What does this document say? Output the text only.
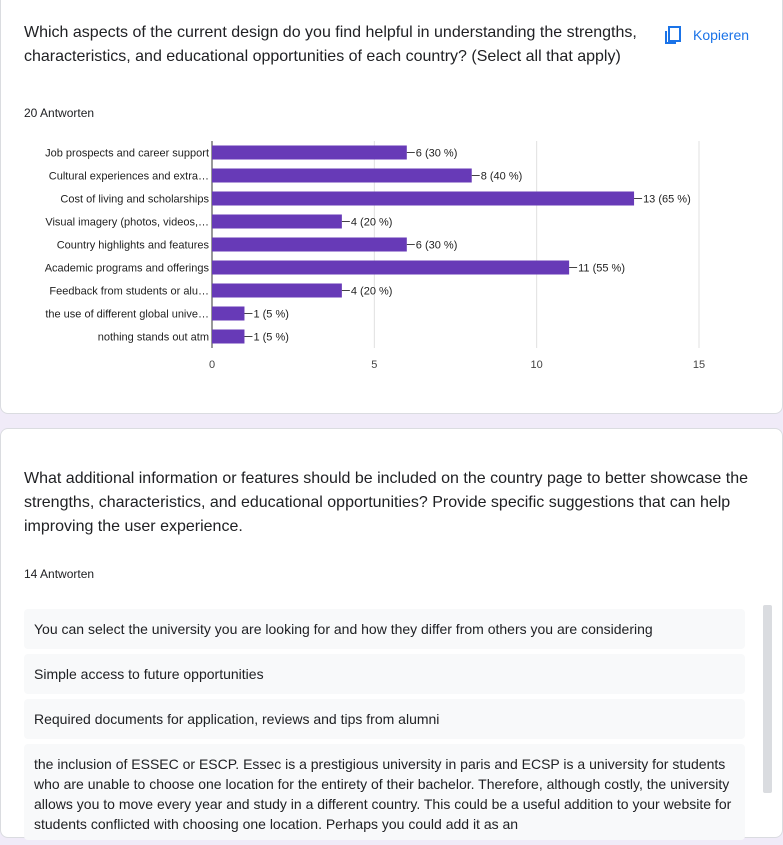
Which aspects of the current design do you find helpful in understanding the strengths, characteristics, and educational opportunities of each country? (Select all that apply)
Kopieren
20 Antworten
0	5	10	15
Job prospects and career support	6 (30 %)
Cultural experiences and extra…	8 (40 %)
Cost of living and scholarships	13 (65 %)
Visual imagery (photos, videos,…	4 (20 %)
Country highlights and features	6 (30 %)
Academic programs and offerings	11 (55 %)
Feedback from students or alu…	4 (20 %)
the use of different global unive…	1 (5 %)
nothing stands out atm	1 (5 %)
What additional information or features should be included on the country page to better showcase the strengths, characteristics, and educational opportunities? Provide specific suggestions that can help improving the user experience.
14 Antworten
You can select the university you are looking for and how they differ from others you are considering
Simple access to future opportunities
Required documents for application, reviews and tips from alumni
the inclusion of ESSEC or ESCP. Essec is a prestigious university in paris and ECSP is a university for students who are unable to choose one location for the entirety of their bachelor. Therefore, although costly, the university allows you to move every year and study in a different country. This could be a useful addition to your website for students conflicted with choosing one location. Perhaps you could add it as an
